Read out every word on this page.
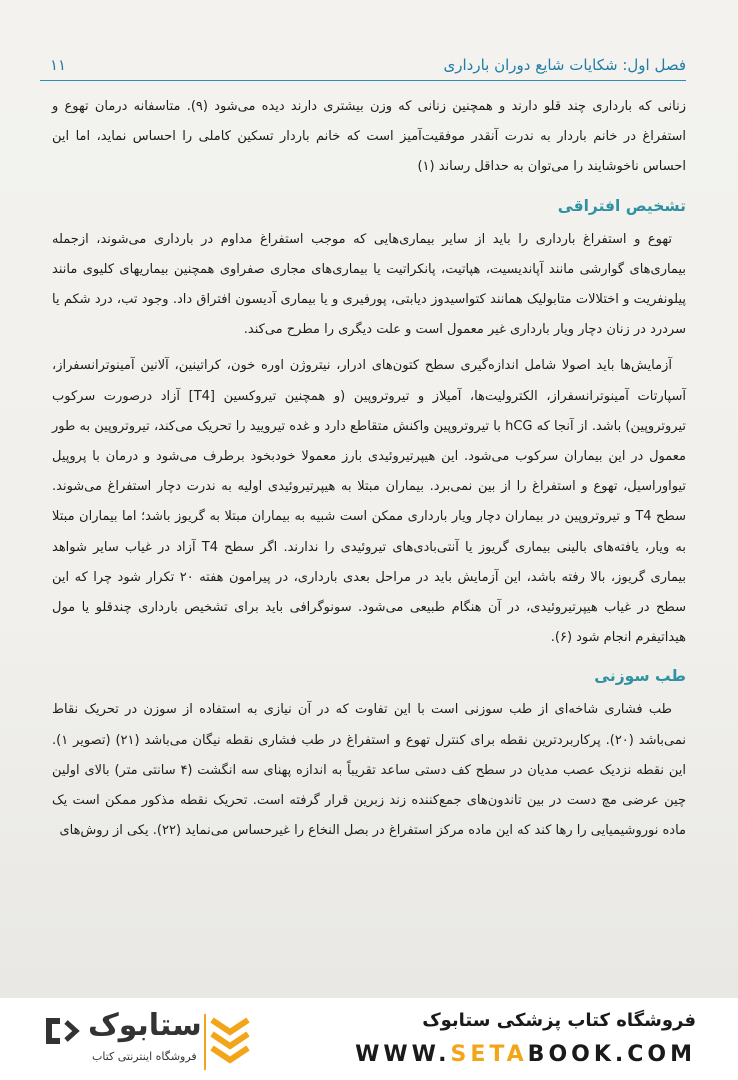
فصل اول: شکایات شایع دوران بارداری
۱۱

زنانی که بارداری چند قلو دارند و همچنین زنانی که وزن بیشتری دارند دیده می‌شود (۹). متاسفانه درمان تهوع و استفراغ در خانم باردار به ندرت آنقدر موفقیت‌آمیز است که خانم باردار تسکین کاملی را احساس نماید، اما این احساس ناخوشایند را می‌توان به حداقل رساند (۱)

تشخیص افتراقی

تهوع و استفراغ بارداری را باید از سایر بیماری‌هایی که موجب استفراغ مداوم در بارداری می‌شوند، ازجمله بیماری‌های گوارشی مانند آپاندیسیت، هپاتیت، پانکراتیت یا بیماری‌های مجاری صفراوی همچنین بیماریهای کلیوی مانند پیلونفریت و اختلالات متابولیک همانند کتواسیدوز دیابتی، پورفیری و یا بیماری آدیسون افتراق داد. وجود تب، درد شکم یا سردرد در زنان دچار ویار بارداری غیر معمول است و علت دیگری را مطرح می‌کند.

آزمایش‌ها باید اصولا شامل اندازه‌گیری سطح کتون‌های ادرار، نیتروژن اوره خون، کراتینین، آلانین آمینوترانسفراز، آسپارتات آمینوترانسفراز، الکترولیت‌ها، آمیلاز و تیروتروپین (و همچنین تیروکسین [T4] آزاد درصورت سرکوب تیروتروپین) باشد. از آنجا که hCG با تیروتروپین واکنش متقاطع دارد و غده تیرویید را تحریک می‌کند، تیروتروپین به طور معمول در این بیماران سرکوب می‌شود. این هیپرتیروئیدی بارز معمولا خودبخود برطرف می‌شود و درمان با پروپیل تیواوراسیل، تهوع و استفراغ را از بین نمی‌برد. بیماران مبتلا به هیپرتیروئیدی اولیه به ندرت دچار استفراغ می‌شوند. سطح T4 و تیروتروپین در بیماران دچار ویار بارداری ممکن است شبیه به بیماران مبتلا به گریوز باشد؛ اما بیماران مبتلا به ویار، یافته‌های بالینی بیماری گریوز یا آنتی‌بادی‌های تیروئیدی را ندارند. اگر سطح T4 آزاد در غیاب سایر شواهد بیماری گریوز، بالا رفته باشد، این آزمایش باید در مراحل بعدی بارداری، در پیرامون هفته ۲۰ تکرار شود چرا که این سطح در غیاب هیپرتیروئیدی، در آن هنگام طبیعی می‌شود. سونوگرافی باید برای تشخیص بارداری چندقلو یا مول هیداتیفرم انجام شود (۶).

طب سوزنی

طب فشاری شاخه‌ای از طب سوزنی است با این تفاوت که در آن نیازی به استفاده از سوزن در تحریک نقاط نمی‌باشد (۲۰). پرکاربردترین نقطه برای کنترل تهوع و استفراغ در طب فشاری نقطه نیگان می‌باشد (۲۱) (تصویر ۱). این نقطه نزدیک عصب مدیان در سطح کف دستی ساعد تقریباً به اندازه پهنای سه انگشت (۴ سانتی متر) بالای اولین چین عرضی مچ دست در بین تاندون‌های جمع‌کننده زند زبرین قرار گرفته است. تحریک نقطه مذکور ممکن است یک ماده نوروشیمیایی را رها کند که این ماده مرکز استفراغ در بصل النخاع را غیرحساس می‌نماید (۲۲). یکی از روش‌های

فروشگاه کتاب پزشکی ستابوک
WWW.SETABOOK.COM
ستابوک
فروشگاه اینترنتی کتاب
